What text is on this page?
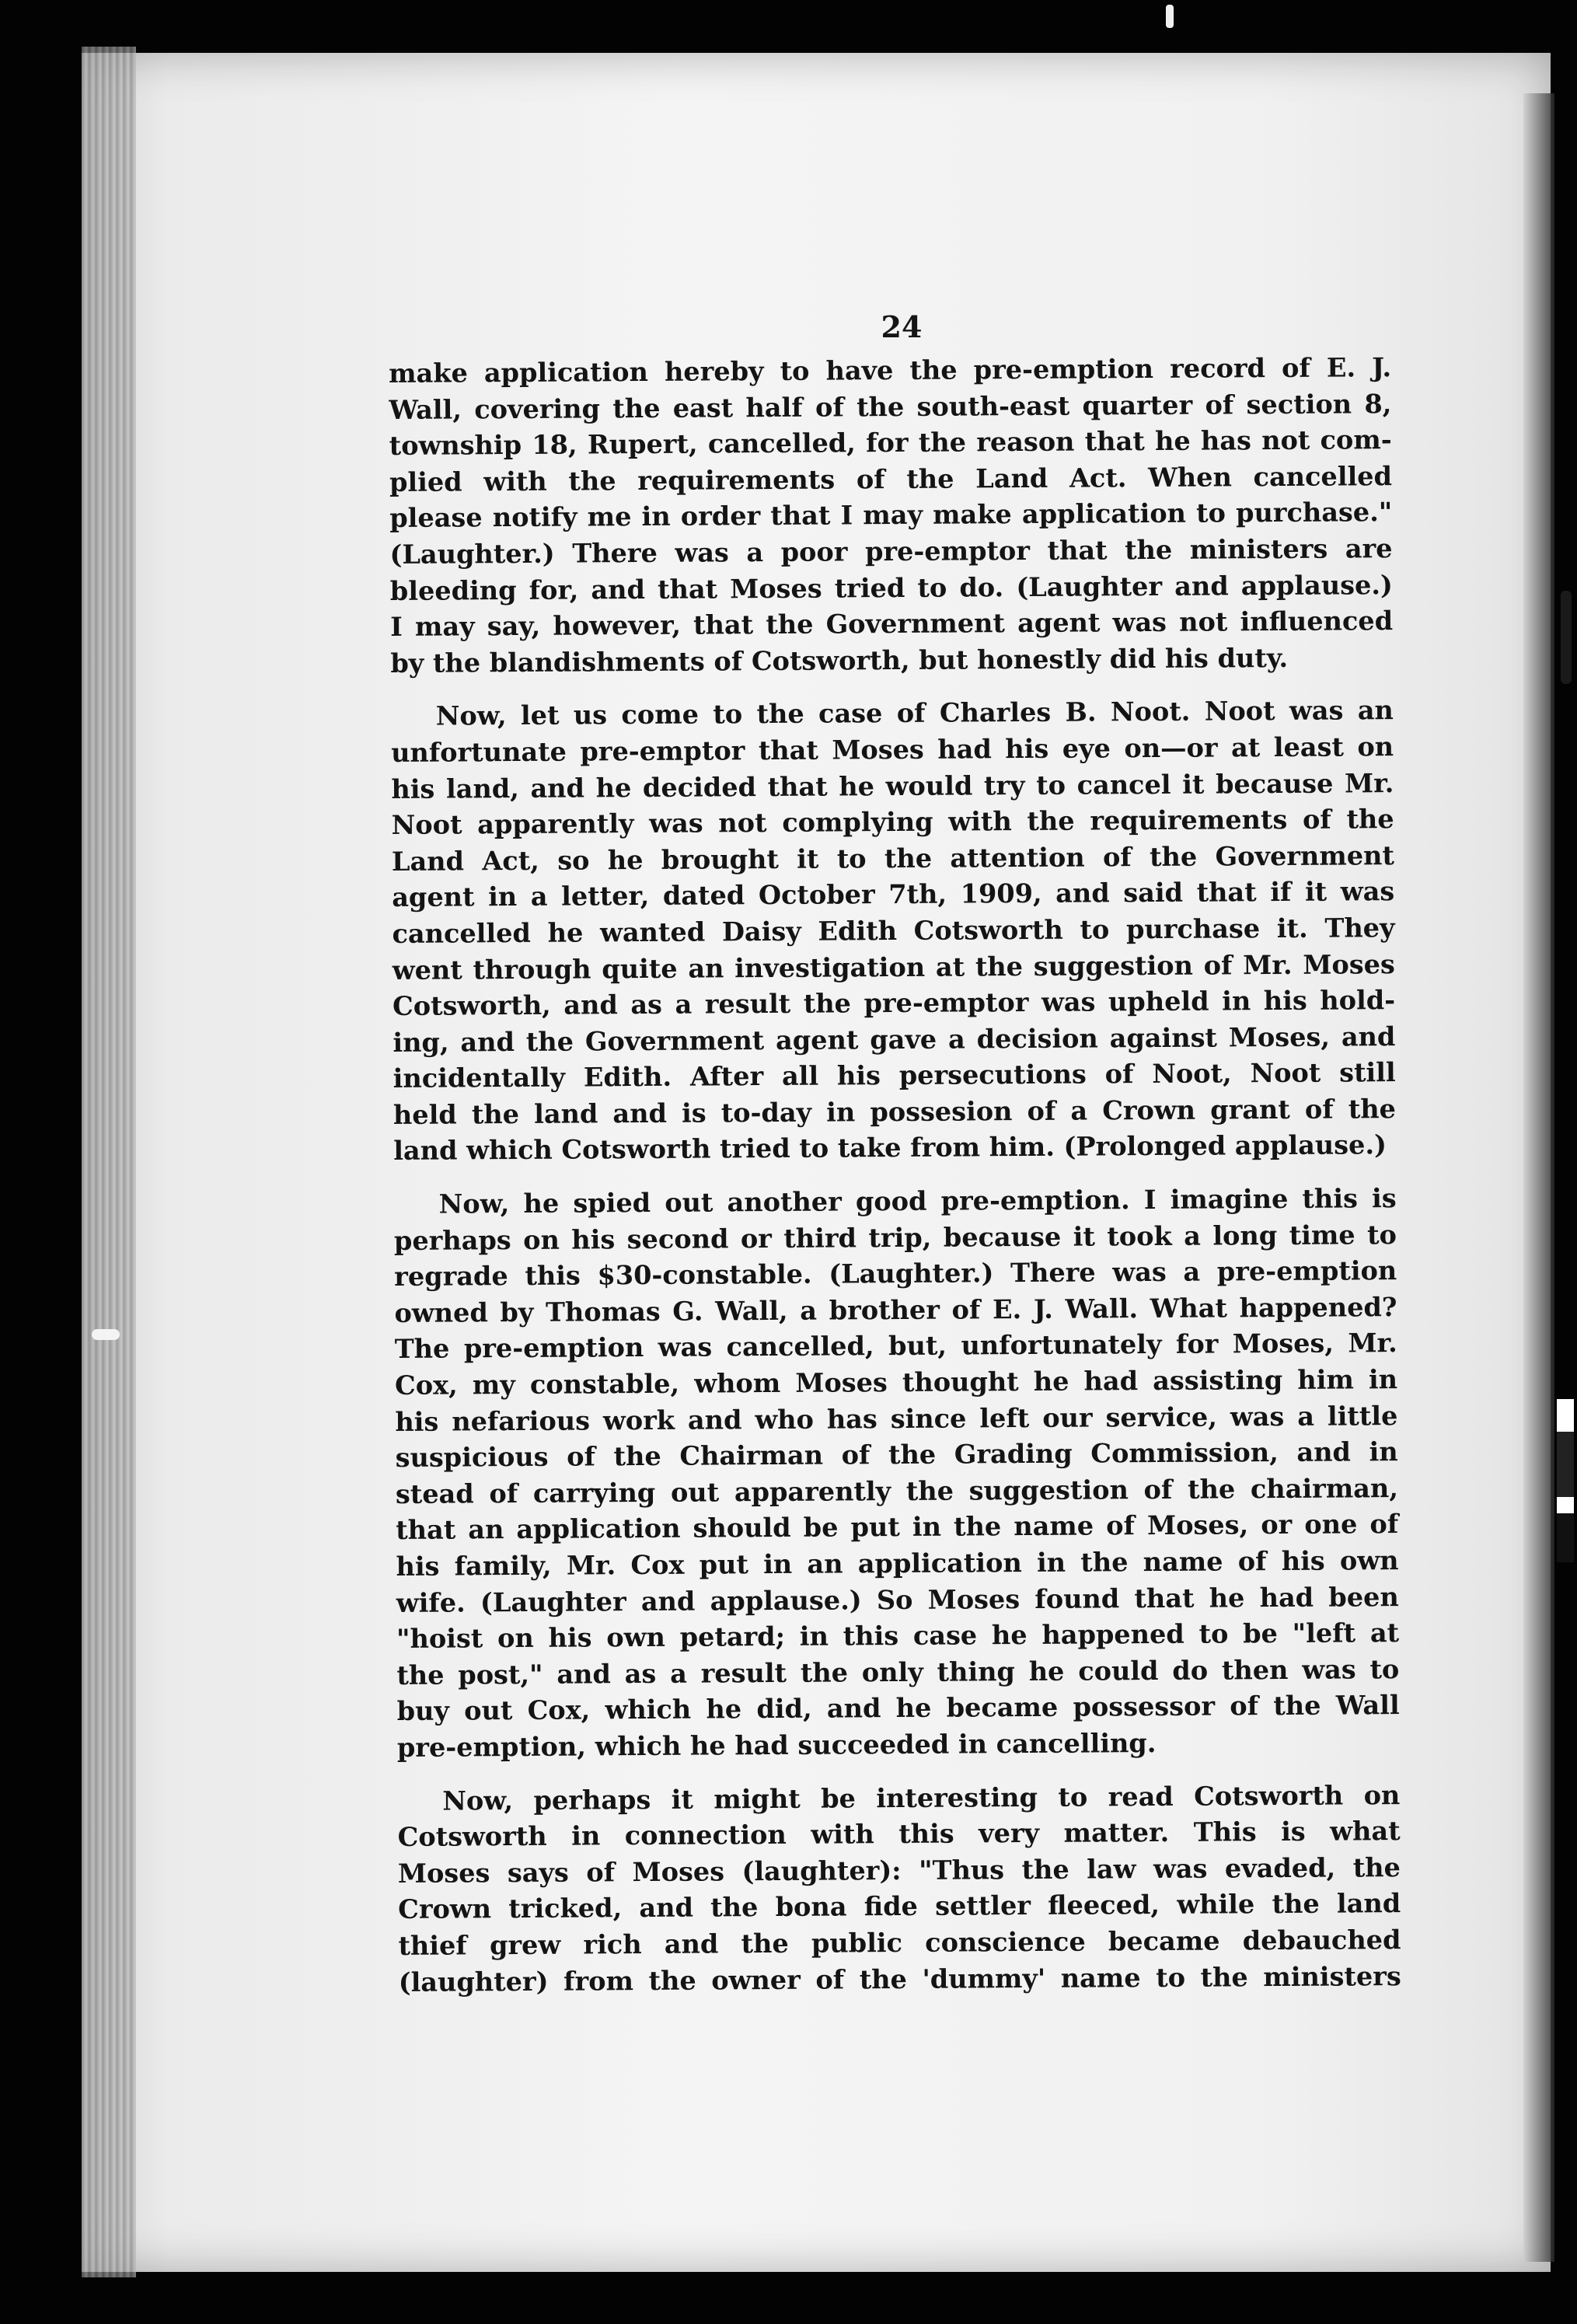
24
make application hereby to have the pre-emption record of E. J.
Wall, covering the east half of the south-east quarter of section 8,
township 18, Rupert, cancelled, for the reason that he has not com-
plied with the requirements of the Land Act. When cancelled
please notify me in order that I may make application to purchase."
(Laughter.) There was a poor pre-emptor that the ministers are
bleeding for, and that Moses tried to do. (Laughter and applause.)
I may say, however, that the Government agent was not influenced
by the blandishments of Cotsworth, but honestly did his duty.
Now, let us come to the case of Charles B. Noot. Noot was an
unfortunate pre-emptor that Moses had his eye on—or at least on
his land, and he decided that he would try to cancel it because Mr.
Noot apparently was not complying with the requirements of the
Land Act, so he brought it to the attention of the Government
agent in a letter, dated October 7th, 1909, and said that if it was
cancelled he wanted Daisy Edith Cotsworth to purchase it. They
went through quite an investigation at the suggestion of Mr. Moses
Cotsworth, and as a result the pre-emptor was upheld in his hold-
ing, and the Government agent gave a decision against Moses, and
incidentally Edith. After all his persecutions of Noot, Noot still
held the land and is to-day in possesion of a Crown grant of the
land which Cotsworth tried to take from him. (Prolonged applause.)
Now, he spied out another good pre-emption. I imagine this is
perhaps on his second or third trip, because it took a long time to
regrade this $30-constable. (Laughter.) There was a pre-emption
owned by Thomas G. Wall, a brother of E. J. Wall. What happened?
The pre-emption was cancelled, but, unfortunately for Moses, Mr.
Cox, my constable, whom Moses thought he had assisting him in
his nefarious work and who has since left our service, was a little
suspicious of the Chairman of the Grading Commission, and in
stead of carrying out apparently the suggestion of the chairman,
that an application should be put in the name of Moses, or one of
his family, Mr. Cox put in an application in the name of his own
wife. (Laughter and applause.) So Moses found that he had been
"hoist on his own petard; in this case he happened to be "left at
the post," and as a result the only thing he could do then was to
buy out Cox, which he did, and he became possessor of the Wall
pre-emption, which he had succeeded in cancelling.
Now, perhaps it might be interesting to read Cotsworth on
Cotsworth in connection with this very matter. This is what
Moses says of Moses (laughter): "Thus the law was evaded, the
Crown tricked, and the bona fide settler fleeced, while the land
thief grew rich and the public conscience became debauched
(laughter) from the owner of the 'dummy' name to the ministers
